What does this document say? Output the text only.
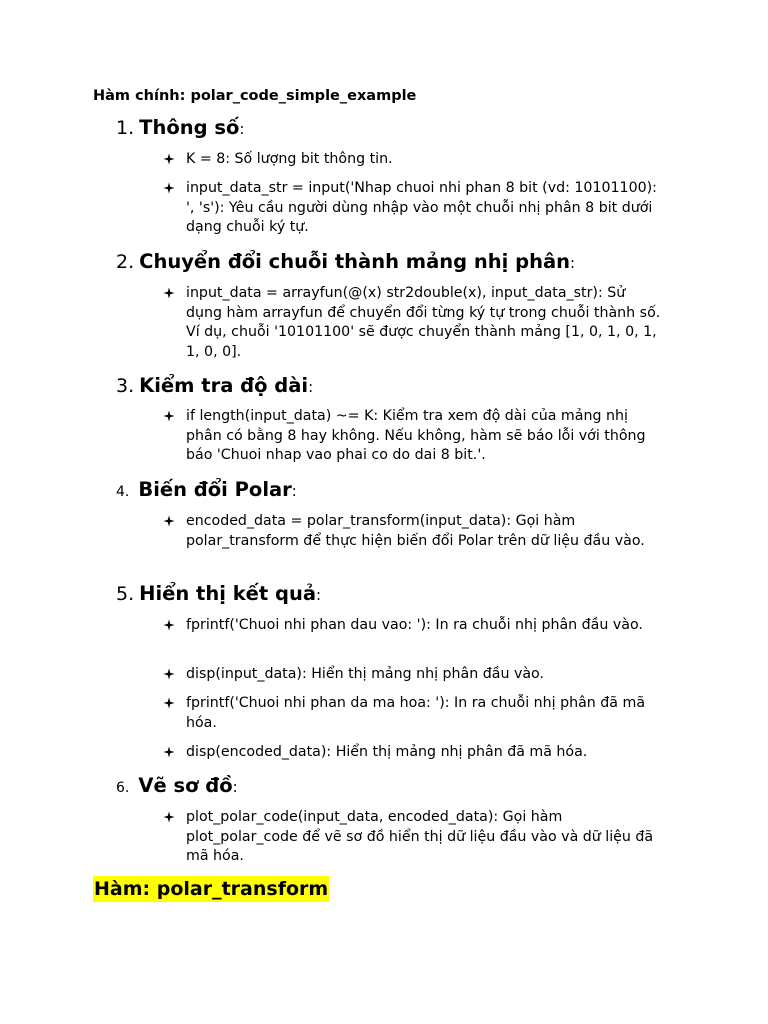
Hàm chính: polar_code_simple_example
1. Thông số:
K = 8: Số lượng bit thông tin.
input_data_str = input('Nhap chuoi nhi phan 8 bit (vd: 10101100): ', 's'): Yêu cầu người dùng nhập vào một chuỗi nhị phân 8 bit dưới dạng chuỗi ký tự.
2. Chuyển đổi chuỗi thành mảng nhị phân:
input_data = arrayfun(@(x) str2double(x), input_data_str): Sử dụng hàm arrayfun để chuyển đổi từng ký tự trong chuỗi thành số. Ví dụ, chuỗi '10101100' sẽ được chuyển thành mảng [1, 0, 1, 0, 1, 1, 0, 0].
3. Kiểm tra độ dài:
if length(input_data) ~= K: Kiểm tra xem độ dài của mảng nhị phân có bằng 8 hay không. Nếu không, hàm sẽ báo lỗi với thông báo 'Chuoi nhap vao phai co do dai 8 bit.'.
4. Biến đổi Polar:
encoded_data = polar_transform(input_data): Gọi hàm polar_transform để thực hiện biến đổi Polar trên dữ liệu đầu vào.
5. Hiển thị kết quả:
fprintf('Chuoi nhi phan dau vao: '): In ra chuỗi nhị phân đầu vào.
disp(input_data): Hiển thị mảng nhị phân đầu vào.
fprintf('Chuoi nhi phan da ma hoa: '): In ra chuỗi nhị phân đã mã hóa.
disp(encoded_data): Hiển thị mảng nhị phân đã mã hóa.
6. Vẽ sơ đồ:
plot_polar_code(input_data, encoded_data): Gọi hàm plot_polar_code để vẽ sơ đồ hiển thị dữ liệu đầu vào và dữ liệu đã mã hóa.
Hàm: polar_transform
